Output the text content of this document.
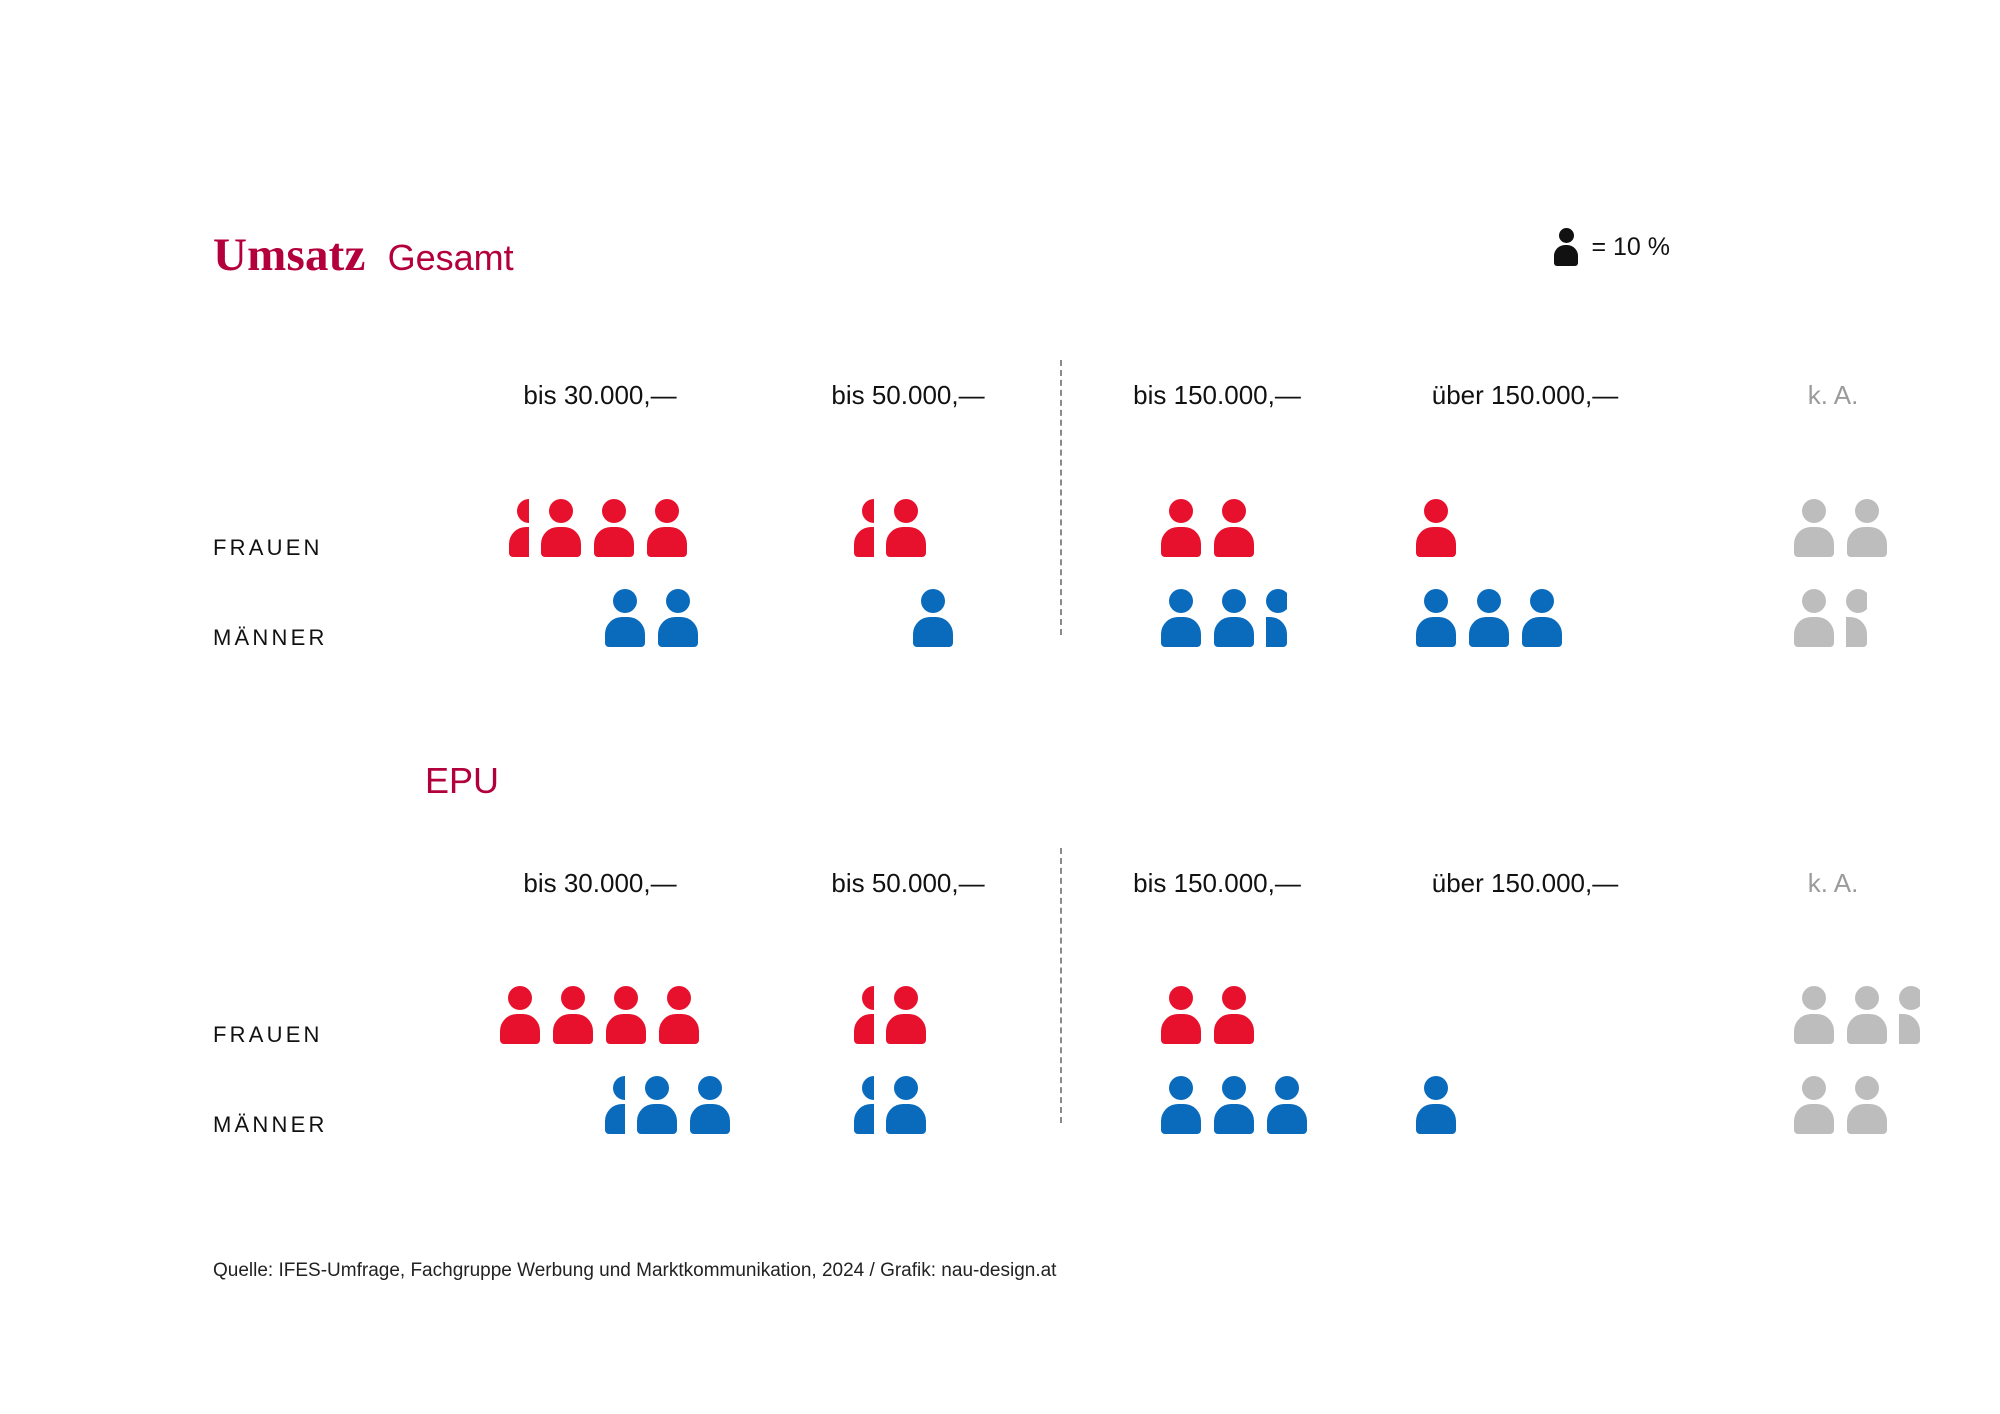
Umsatz Gesamt	= 10 %
bis 30.000,—	bis 50.000,—	bis 150.000,—	über 150.000,—	k. A.
FRAUEN
MÄNNER
EPU
bis 30.000,—	bis 50.000,—	bis 150.000,—	über 150.000,—	k. A.
FRAUEN
MÄNNER
Quelle: IFES-Umfrage, Fachgruppe Werbung und Marktkommunikation, 2024 / Grafik: nau-design.at
